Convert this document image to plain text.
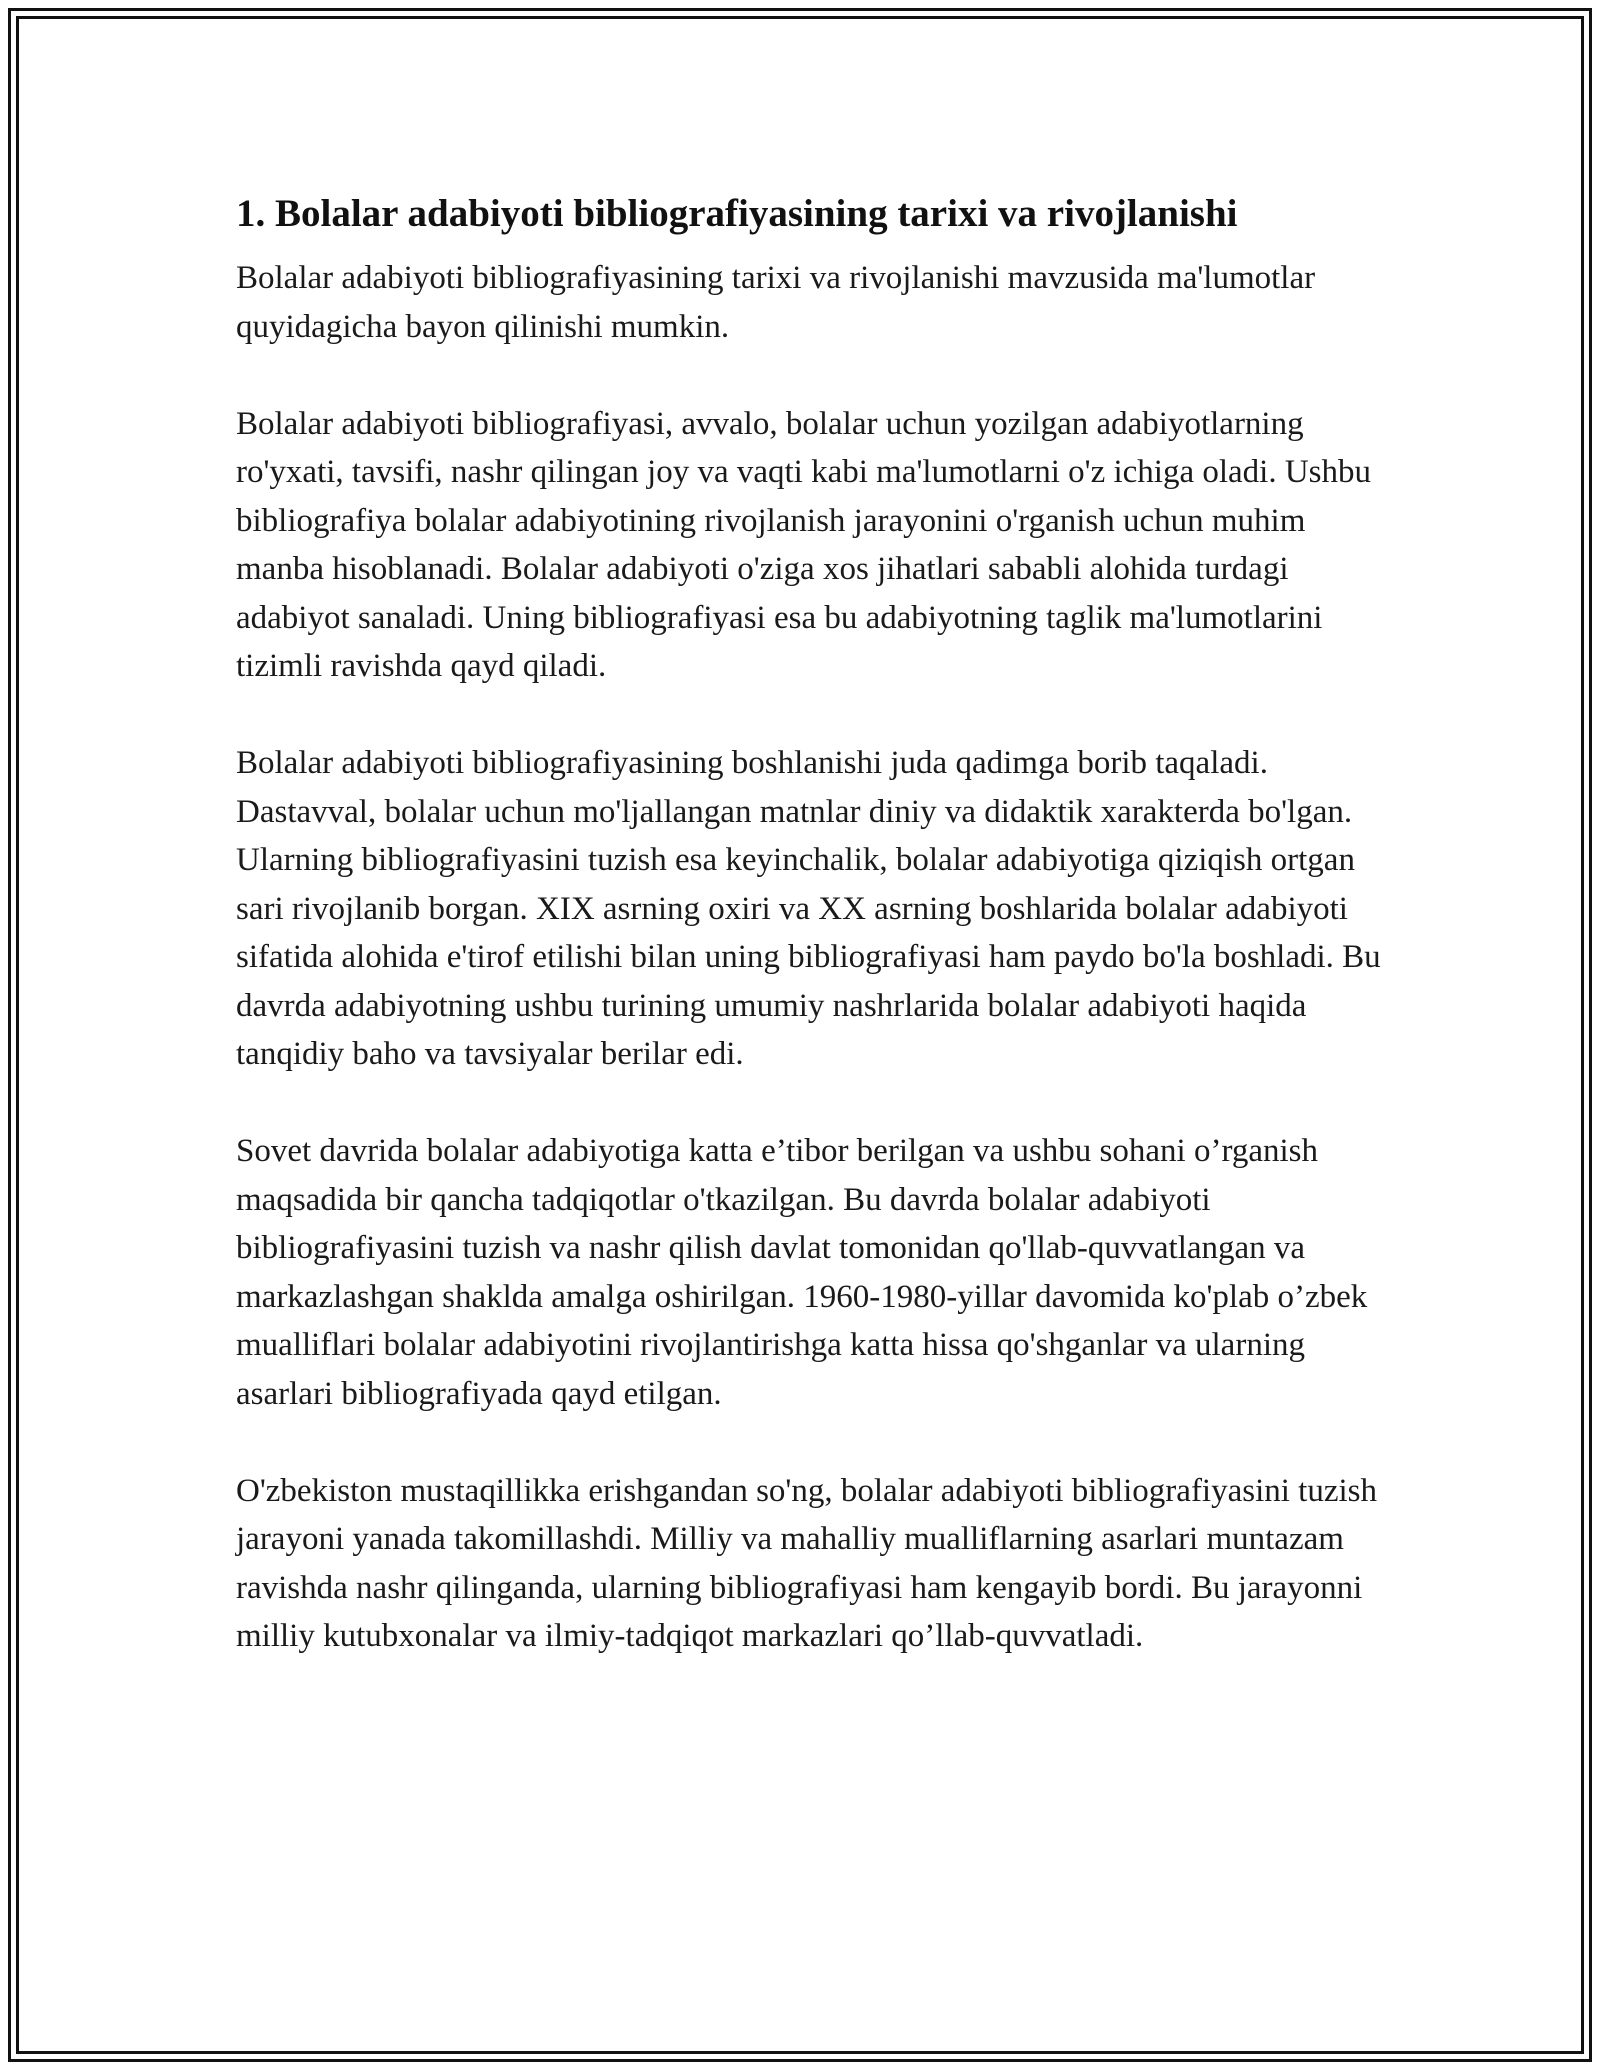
1. Bolalar adabiyoti bibliografiyasining tarixi va rivojlanishi

Bolalar adabiyoti bibliografiyasining tarixi va rivojlanishi mavzusida ma'lumotlar quyidagicha bayon qilinishi mumkin.

Bolalar adabiyoti bibliografiyasi, avvalo, bolalar uchun yozilgan adabiyotlarning ro'yxati, tavsifi, nashr qilingan joy va vaqti kabi ma'lumotlarni o'z ichiga oladi. Ushbu bibliografiya bolalar adabiyotining rivojlanish jarayonini o'rganish uchun muhim manba hisoblanadi. Bolalar adabiyoti o'ziga xos jihatlari sababli alohida turdagi adabiyot sanaladi. Uning bibliografiyasi esa bu adabiyotning taglik ma'lumotlarini tizimli ravishda qayd qiladi.

Bolalar adabiyoti bibliografiyasining boshlanishi juda qadimga borib taqaladi. Dastavval, bolalar uchun mo'ljallangan matnlar diniy va didaktik xarakterda bo'lgan. Ularning bibliografiyasini tuzish esa keyinchalik, bolalar adabiyotiga qiziqish ortgan sari rivojlanib borgan. XIX asrning oxiri va XX asrning boshlarida bolalar adabiyoti sifatida alohida e'tirof etilishi bilan uning bibliografiyasi ham paydo bo'la boshladi. Bu davrda adabiyotning ushbu turining umumiy nashrlarida bolalar adabiyoti haqida tanqidiy baho va tavsiyalar berilar edi.

Sovet davrida bolalar adabiyotiga katta e’tibor berilgan va ushbu sohani o’rganish maqsadida bir qancha tadqiqotlar o'tkazilgan. Bu davrda bolalar adabiyoti bibliografiyasini tuzish va nashr qilish davlat tomonidan qo'llab-quvvatlangan va markazlashgan shaklda amalga oshirilgan. 1960-1980-yillar davomida ko'plab o’zbek mualliflari bolalar adabiyotini rivojlantirishga katta hissa qo'shganlar va ularning asarlari bibliografiyada qayd etilgan.

O'zbekiston mustaqillikka erishgandan so'ng, bolalar adabiyoti bibliografiyasini tuzish jarayoni yanada takomillashdi. Milliy va mahalliy mualliflarning asarlari muntazam ravishda nashr qilinganda, ularning bibliografiyasi ham kengayib bordi. Bu jarayonni milliy kutubxonalar va ilmiy-tadqiqot markazlari qo’llab-quvvatladi.
